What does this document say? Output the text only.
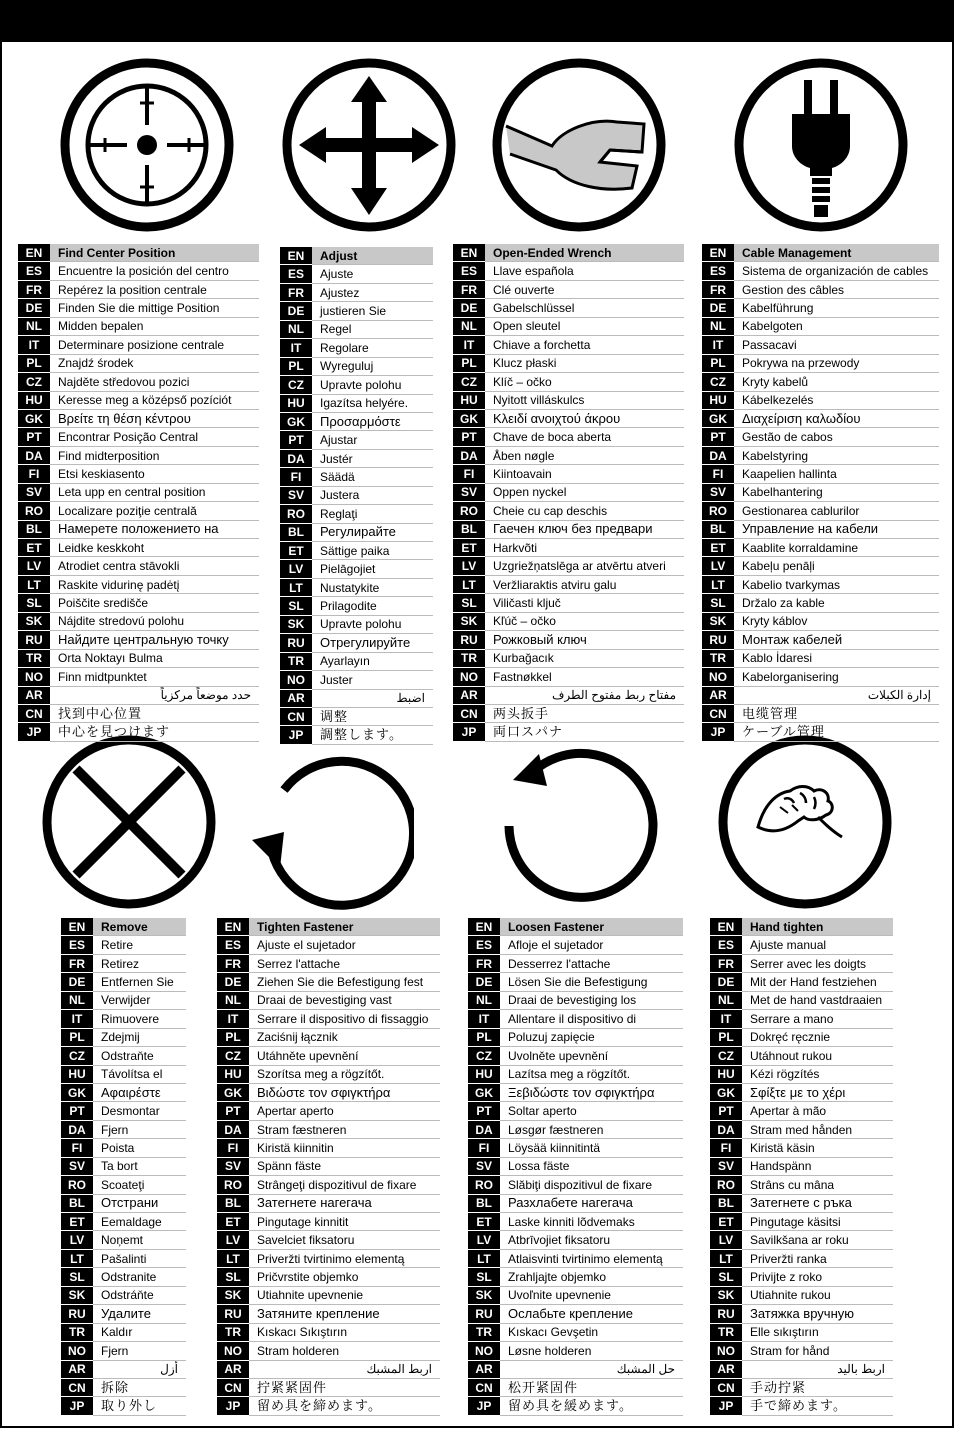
EN	Find Center Position
ES	Encuentre la posición del centro
FR	Repérez la position centrale
DE	Finden Sie die mittige Position
NL	Midden bepalen
IT	Determinare posizione centrale
PL	Znajdź środek
CZ	Najděte středovou pozici
HU	Keresse meg a középső pozíciót
GK	Βρείτε τη θέση κέντρου
PT	Encontrar Posição Central
DA	Find midterposition
FI	Etsi keskiasento
SV	Leta upp en central position
RO	Localizare poziţie centrală
BL	Намерете положението на
ET	Leidke keskkoht
LV	Atrodiet centra stāvokli
LT	Raskite vidurinę padėtį
SL	Poiščite središče
SK	Nájdite stredovú polohu
RU	Найдите центральную точку
TR	Orta Noktayı Bulma
NO	Finn midtpunktet
AR	حدد موضعاً مركزياً
CN	找到中心位置
JP	中心を見つけます
EN	Adjust
ES	Ajuste
FR	Ajustez
DE	justieren Sie
NL	Regel
IT	Regolare
PL	Wyreguluj
CZ	Upravte polohu
HU	Igazítsa helyére.
GK	Προσαρμόστε
PT	Ajustar
DA	Justér
FI	Säädä
SV	Justera
RO	Reglaţi
BL	Регулирайте
ET	Sättige paika
LV	Pielāgojiet
LT	Nustatykite
SL	Prilagodite
SK	Upravte polohu
RU	Отрегулируйте
TR	Ayarlayın
NO	Juster
AR	اضبط
CN	调整
JP	調整します。
EN	Open-Ended Wrench
ES	Llave española
FR	Clé ouverte
DE	Gabelschlüssel
NL	Open sleutel
IT	Chiave a forchetta
PL	Klucz płaski
CZ	Klíč – očko
HU	Nyitott villáskulcs
GK	Κλειδί ανοιχτού άκρου
PT	Chave de boca aberta
DA	Åben nøgle
FI	Kiintoavain
SV	Oppen nyckel
RO	Cheie cu cap deschis
BL	Гаечен ключ без предвари
ET	Harkvõti
LV	Uzgriežņatslēga ar atvērtu atveri
LT	Veržliaraktis atviru galu
SL	Viličasti ključ
SK	Kľúč – očko
RU	Рожковый ключ
TR	Kurbağacık
NO	Fastnøkkel
AR	مفتاح ربط مفتوح الطرف
CN	两头扳手
JP	両口スパナ
EN	Cable Management
ES	Sistema de organización de cables
FR	Gestion des câbles
DE	Kabelführung
NL	Kabelgoten
IT	Passacavi
PL	Pokrywa na przewody
CZ	Kryty kabelů
HU	Kábelkezelés
GK	Διαχείριση καλωδίου
PT	Gestão de cabos
DA	Kabelstyring
FI	Kaapelien hallinta
SV	Kabelhantering
RO	Gestionarea cablurilor
BL	Управление на кабели
ET	Kaablite korraldamine
LV	Kabeļu penāļi
LT	Kabelio tvarkymas
SL	Držalo za kable
SK	Kryty káblov
RU	Монтаж кабелей
TR	Kablo İdaresi
NO	Kabelorganisering
AR	إدارة الكبلات
CN	电缆管理
JP	ケーブル管理
EN	Remove
ES	Retire
FR	Retirez
DE	Entfernen Sie
NL	Verwijder
IT	Rimuovere
PL	Zdejmij
CZ	Odstraňte
HU	Távolítsa el
GK	Αφαιρέστε
PT	Desmontar
DA	Fjern
FI	Poista
SV	Ta bort
RO	Scoateţi
BL	Отстрани
ET	Eemaldage
LV	Noņemt
LT	Pašalinti
SL	Odstranite
SK	Odstráňte
RU	Удалите
TR	Kaldır
NO	Fjern
AR	أزل
CN	拆除
JP	取り外し
EN	Tighten Fastener
ES	Ajuste el sujetador
FR	Serrez l'attache
DE	Ziehen Sie die Befestigung fest
NL	Draai de bevestiging vast
IT	Serrare il dispositivo di fissaggio
PL	Zaciśnij łącznik
CZ	Utáhněte upevnění
HU	Szorítsa meg a rögzítőt.
GK	Βιδώστε τον σφιγκτήρα
PT	Apertar aperto
DA	Stram fæstneren
FI	Kiristä kiinnitin
SV	Spänn fäste
RO	Strângeţi dispozitivul de fixare
BL	Затегнете нагегача
ET	Pingutage kinnitit
LV	Savelciet fiksatoru
LT	Priveržti tvirtinimo elementą
SL	Pričvrstite objemko
SK	Utiahnite upevnenie
RU	Затяните крепление
TR	Kıskacı Sıkıştırın
NO	Stram holderen
AR	اربط المشبك
CN	拧紧紧固件
JP	留め具を締めます。
EN	Loosen Fastener
ES	Afloje el sujetador
FR	Desserrez l'attache
DE	Lösen Sie die Befestigung
NL	Draai de bevestiging los
IT	Allentare il dispositivo di
PL	Poluzuj zapięcie
CZ	Uvolněte upevnění
HU	Lazítsa meg a rögzítőt.
GK	Ξεβιδώστε τον σφιγκτήρα
PT	Soltar aperto
DA	Løsgør fæstneren
FI	Löysää kiinnitintä
SV	Lossa fäste
RO	Slăbiţi dispozitivul de fixare
BL	Разхлабете нагегача
ET	Laske kinniti lõdvemaks
LV	Atbrīvojiet fiksatoru
LT	Atlaisvinti tvirtinimo elementą
SL	Zrahljajte objemko
SK	Uvoľnite upevnenie
RU	Ослабьте крепление
TR	Kıskacı Gevşetin
NO	Løsne holderen
AR	حل المشبك
CN	松开紧固件
JP	留め具を緩めます。
EN	Hand tighten
ES	Ajuste manual
FR	Serrer avec les doigts
DE	Mit der Hand festziehen
NL	Met de hand vastdraaien
IT	Serrare a mano
PL	Dokręć ręcznie
CZ	Utáhnout rukou
HU	Kézi rögzítés
GK	Σφίξτε με το χέρι
PT	Apertar à mão
DA	Stram med hånden
FI	Kiristä käsin
SV	Handspänn
RO	Strâns cu mâna
BL	Затегнете с ръка
ET	Pingutage käsitsi
LV	Savilkšana ar roku
LT	Priveržti ranka
SL	Privijte z roko
SK	Utiahnite rukou
RU	Затяжка вручную
TR	Elle sıkıştırın
NO	Stram for hånd
AR	اربط باليد
CN	手动拧紧
JP	手で締めます。
